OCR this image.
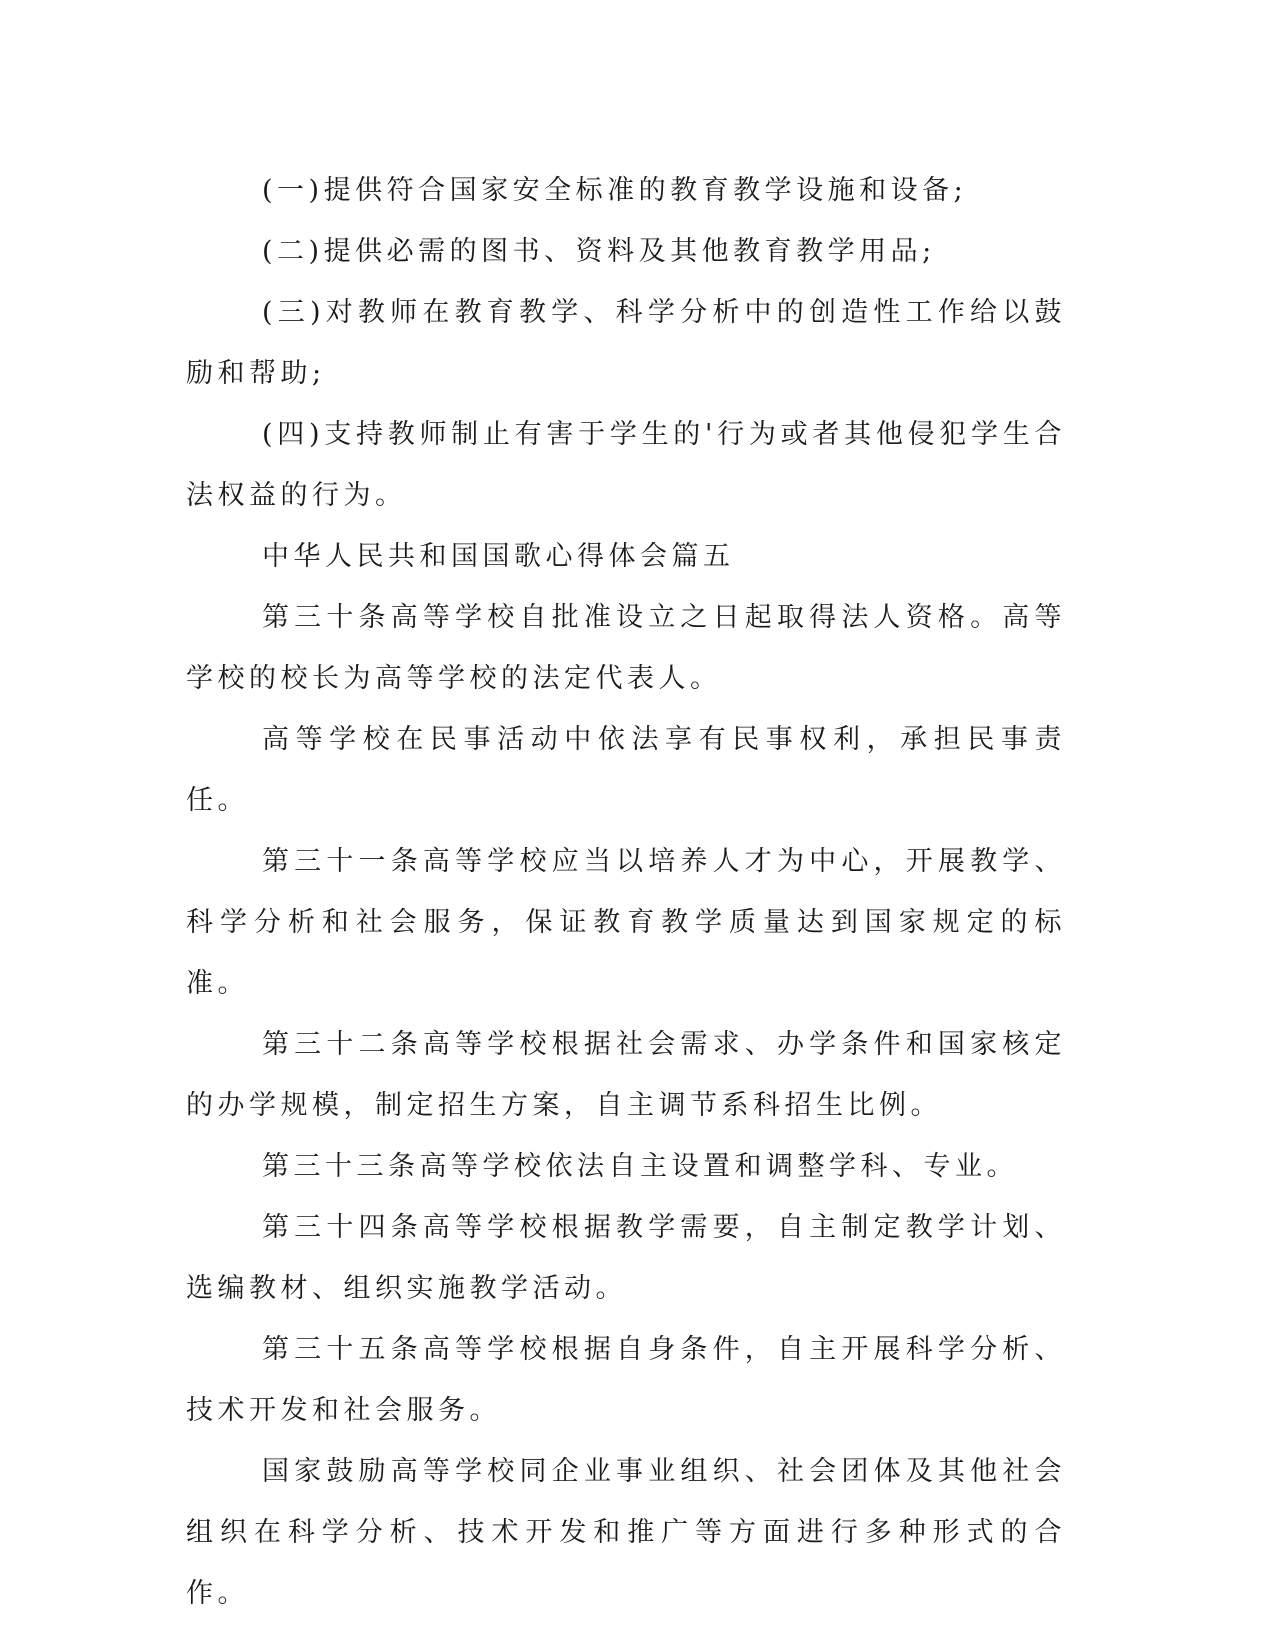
(一)提供符合国家安全标准的教育教学设施和设备;

(二)提供必需的图书、资料及其他教育教学用品;

(三)对教师在教育教学、科学分析中的创造性工作给以鼓励和帮助;

(四)支持教师制止有害于学生的'行为或者其他侵犯学生合法权益的行为。

中华人民共和国国歌心得体会篇五

第三十条高等学校自批准设立之日起取得法人资格。高等学校的校长为高等学校的法定代表人。

高等学校在民事活动中依法享有民事权利，承担民事责任。

第三十一条高等学校应当以培养人才为中心，开展教学、科学分析和社会服务，保证教育教学质量达到国家规定的标准。

第三十二条高等学校根据社会需求、办学条件和国家核定的办学规模，制定招生方案，自主调节系科招生比例。

第三十三条高等学校依法自主设置和调整学科、专业。

第三十四条高等学校根据教学需要，自主制定教学计划、选编教材、组织实施教学活动。

第三十五条高等学校根据自身条件，自主开展科学分析、技术开发和社会服务。

国家鼓励高等学校同企业事业组织、社会团体及其他社会组织在科学分析、技术开发和推广等方面进行多种形式的合作。
